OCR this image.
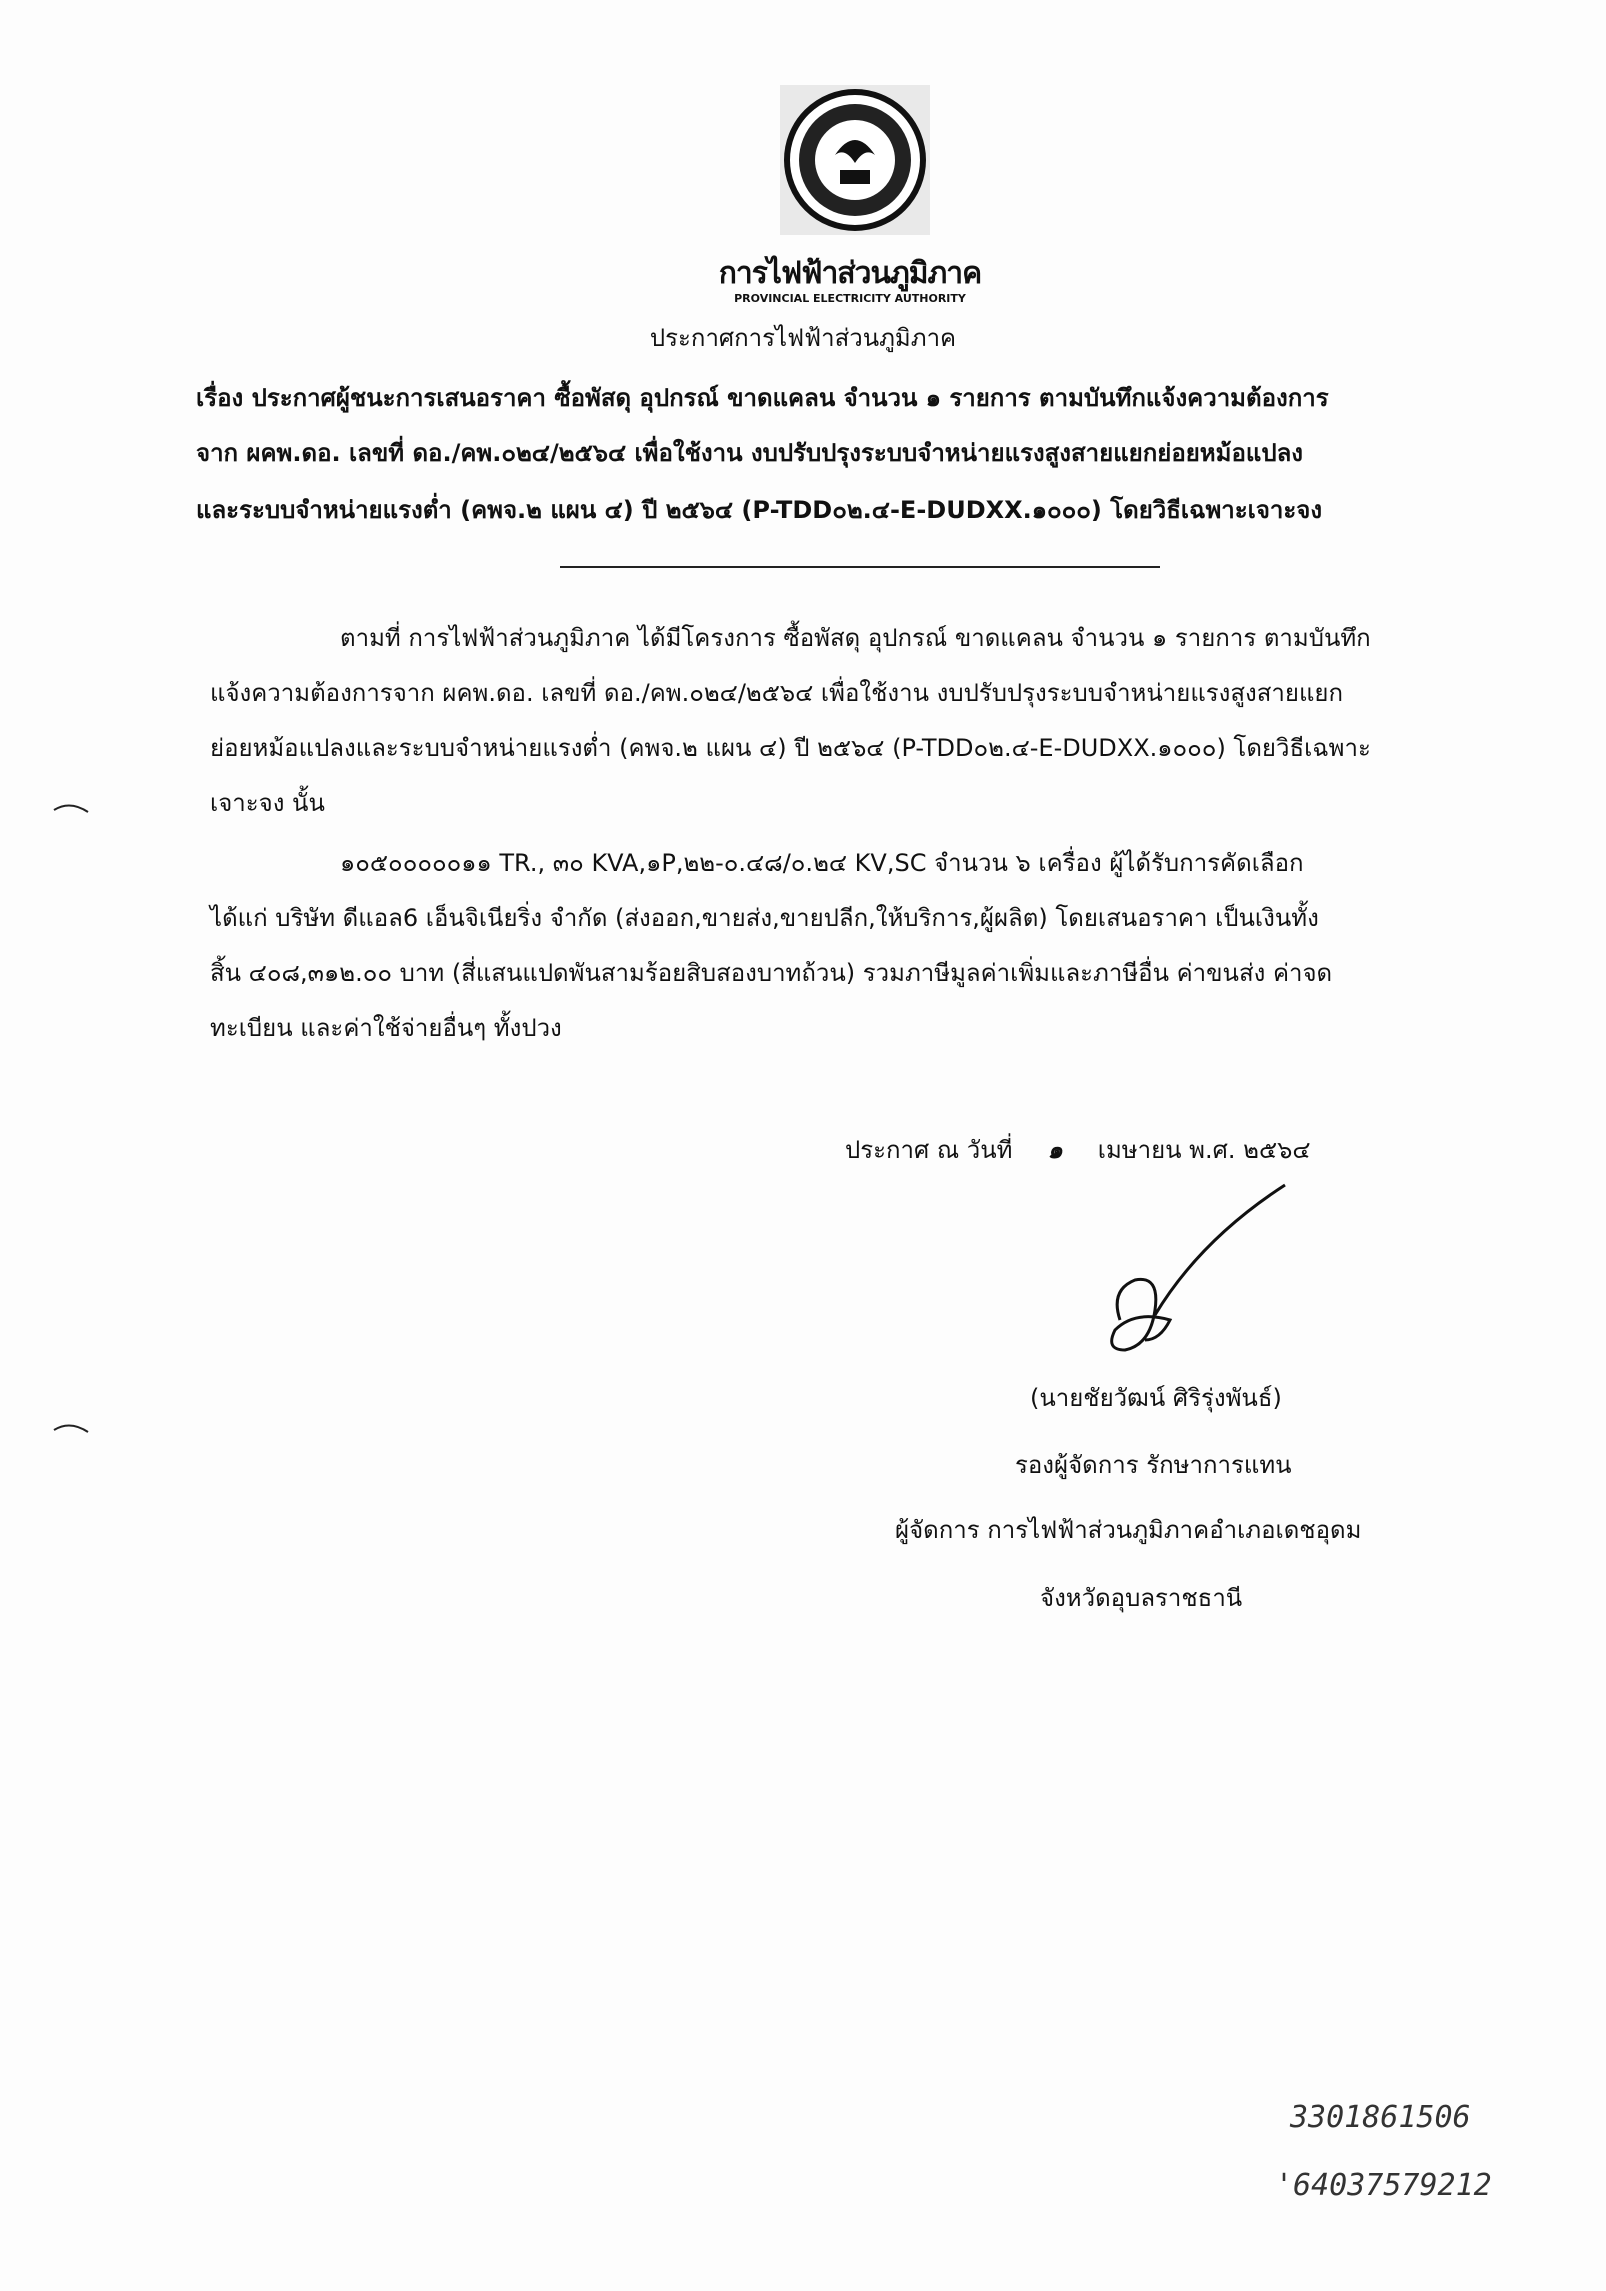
การไฟฟ้าส่วนภูมิภาค
PROVINCIAL ELECTRICITY AUTHORITY
ประกาศการไฟฟ้าส่วนภูมิภาค
เรื่อง ประกาศผู้ชนะการเสนอราคา ซื้อพัสดุ อุปกรณ์ ขาดแคลน จำนวน ๑ รายการ ตามบันทึกแจ้งความต้องการ
จาก ผคพ.ดอ. เลขที่ ดอ./คพ.๐๒๔/๒๕๖๔ เพื่อใช้งาน งบปรับปรุงระบบจำหน่ายแรงสูงสายแยกย่อยหม้อแปลง
และระบบจำหน่ายแรงต่ำ (คพจ.๒ แผน ๔) ปี ๒๕๖๔ (P-TDD๐๒.๔-E-DUDXX.๑๐๐๐) โดยวิธีเฉพาะเจาะจง
ตามที่ การไฟฟ้าส่วนภูมิภาค ได้มีโครงการ ซื้อพัสดุ อุปกรณ์ ขาดแคลน จำนวน ๑ รายการ ตามบันทึก
แจ้งความต้องการจาก ผคพ.ดอ. เลขที่ ดอ./คพ.๐๒๔/๒๕๖๔ เพื่อใช้งาน งบปรับปรุงระบบจำหน่ายแรงสูงสายแยก
ย่อยหม้อแปลงและระบบจำหน่ายแรงต่ำ (คพจ.๒ แผน ๔) ปี ๒๕๖๔ (P-TDD๐๒.๔-E-DUDXX.๑๐๐๐) โดยวิธีเฉพาะ
เจาะจง นั้น
๑๐๕๐๐๐๐๐๑๑ TR., ๓๐ KVA,๑P,๒๒-๐.๔๘/๐.๒๔ KV,SC จำนวน ๖ เครื่อง ผู้ได้รับการคัดเลือก
ได้แก่ บริษัท ดีแอล6 เอ็นจิเนียริ่ง จำกัด (ส่งออก,ขายส่ง,ขายปลีก,ให้บริการ,ผู้ผลิต) โดยเสนอราคา เป็นเงินทั้ง
สิ้น ๔๐๘,๓๑๒.๐๐ บาท (สี่แสนแปดพันสามร้อยสิบสองบาทถ้วน) รวมภาษีมูลค่าเพิ่มและภาษีอื่น ค่าขนส่ง ค่าจด
ทะเบียน และค่าใช้จ่ายอื่นๆ ทั้งปวง
ประกาศ ณ วันที่ ๑ เมษายน พ.ศ. ๒๕๖๔
(นายชัยวัฒน์ ศิริรุ่งพันธ์)
รองผู้จัดการ รักษาการแทน
ผู้จัดการ การไฟฟ้าส่วนภูมิภาคอำเภอเดชอุดม
จังหวัดอุบลราชธานี
3301861506
'64037579212
